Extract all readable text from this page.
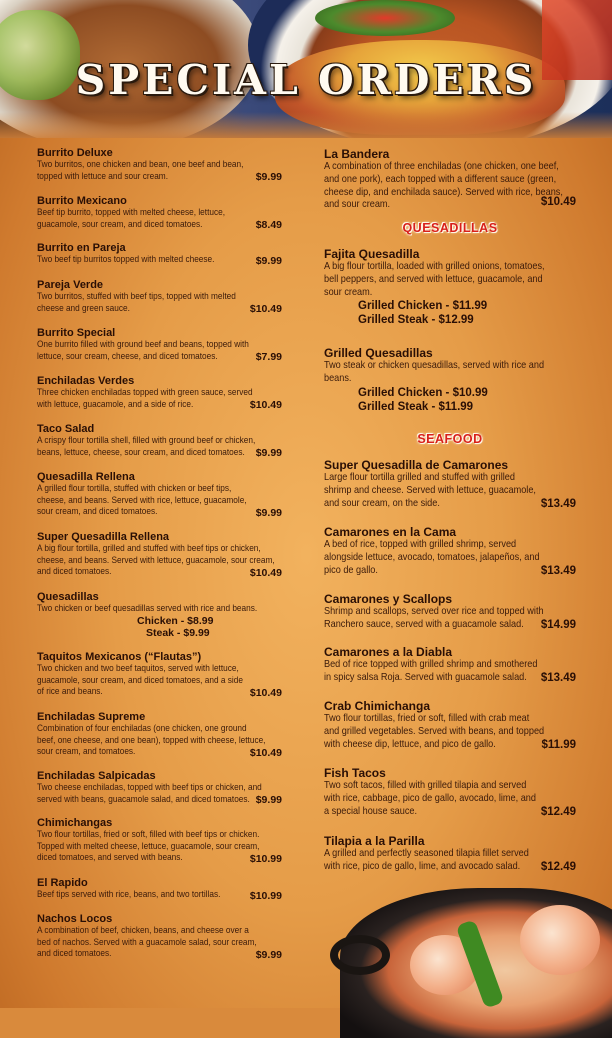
SPECIAL ORDERS
Burrito Deluxe
Two burritos, one chicken and bean, one beef and bean,
topped with lettuce and sour cream.	$9.99
Burrito Mexicano
Beef tip burrito, topped with melted cheese, lettuce,
guacamole, sour cream, and diced tomatoes.	$8.49
Burrito en Pareja
Two beef tip burritos topped with melted cheese.	$9.99
Pareja Verde
Two burritos, stuffed with beef tips, topped with melted
cheese and green sauce.	$10.49
Burrito Special
One burrito filled with ground beef and beans, topped with
lettuce, sour cream, cheese, and diced tomatoes.	$7.99
Enchiladas Verdes
Three chicken enchiladas topped with green sauce, served
with lettuce, guacamole, and a side of rice.	$10.49
Taco Salad
A crispy flour tortilla shell, filled with ground beef or chicken,
beans, lettuce, cheese, sour cream, and diced tomatoes.	$9.99
Quesadilla Rellena
A grilled flour tortilla, stuffed with chicken or beef tips,
cheese, and beans. Served with rice, lettuce, guacamole,
sour cream, and diced tomatoes.	$9.99
Super Quesadilla Rellena
A big flour tortilla, grilled and stuffed with beef tips or chicken,
cheese, and beans. Served with lettuce, guacamole, sour cream,
and diced tomatoes.	$10.49
Quesadillas
Two chicken or beef quesadillas served with rice and beans.
Chicken - $8.99
Steak - $9.99
Taquitos Mexicanos (“Flautas”)
Two chicken and two beef taquitos, served with lettuce,
guacamole, sour cream, and diced tomatoes, and a side
of rice and beans.	$10.49
Enchiladas Supreme
Combination of four enchiladas (one chicken, one ground
beef, one cheese, and one bean), topped with cheese, lettuce,
sour cream, and tomatoes.	$10.49
Enchiladas Salpicadas
Two cheese enchiladas, topped with beef tips or chicken, and
served with beans, guacamole salad, and diced tomatoes. $9.99
Chimichangas
Two flour tortillas, fried or soft, filled with beef tips or chicken.
Topped with melted cheese, lettuce, guacamole, sour cream,
diced tomatoes, and served with beans.	$10.99
El Rapido
Beef tips served with rice, beans, and two tortillas.	$10.99
Nachos Locos
A combination of beef, chicken, beans, and cheese over a
bed of nachos. Served with a guacamole salad, sour cream,
and diced tomatoes.	$9.99
La Bandera
A combination of three enchiladas (one chicken, one beef,
and one pork), each topped with a different sauce (green,
cheese dip, and enchilada sauce). Served with rice, beans,
and sour cream.	$10.49
QUESADILLAS
Fajita Quesadilla
A big flour tortilla, loaded with grilled onions, tomatoes,
bell peppers, and served with lettuce, guacamole, and
sour cream.
Grilled Chicken - $11.99
Grilled Steak - $12.99
Grilled Quesadillas
Two steak or chicken quesadillas, served with rice and
beans.
Grilled Chicken - $10.99
Grilled Steak - $11.99
SEAFOOD
Super Quesadilla de Camarones
Large flour tortilla grilled and stuffed with grilled
shrimp and cheese. Served with lettuce, guacamole,
and sour cream, on the side.	$13.49
Camarones en la Cama
A bed of rice, topped with grilled shrimp, served
alongside lettuce, avocado, tomatoes, jalapeños, and
pico de gallo.	$13.49
Camarones y Scallops
Shrimp and scallops, served over rice and topped with
Ranchero sauce, served with a guacamole salad.	$14.99
Camarones a la Diabla
Bed of rice topped with grilled shrimp and smothered
in spicy salsa Roja. Served with guacamole salad.	$13.49
Crab Chimichanga
Two flour tortillas, fried or soft, filled with crab meat
and grilled vegetables. Served with beans, and topped
with cheese dip, lettuce, and pico de gallo.	$11.99
Fish Tacos
Two soft tacos, filled with grilled tilapia and served
with rice, cabbage, pico de gallo, avocado, lime, and
a special house sauce.	$12.49
Tilapia a la Parilla
A grilled and perfectly seasoned tilapia fillet served
with rice, pico de gallo, lime, and avocado salad.	$12.49
